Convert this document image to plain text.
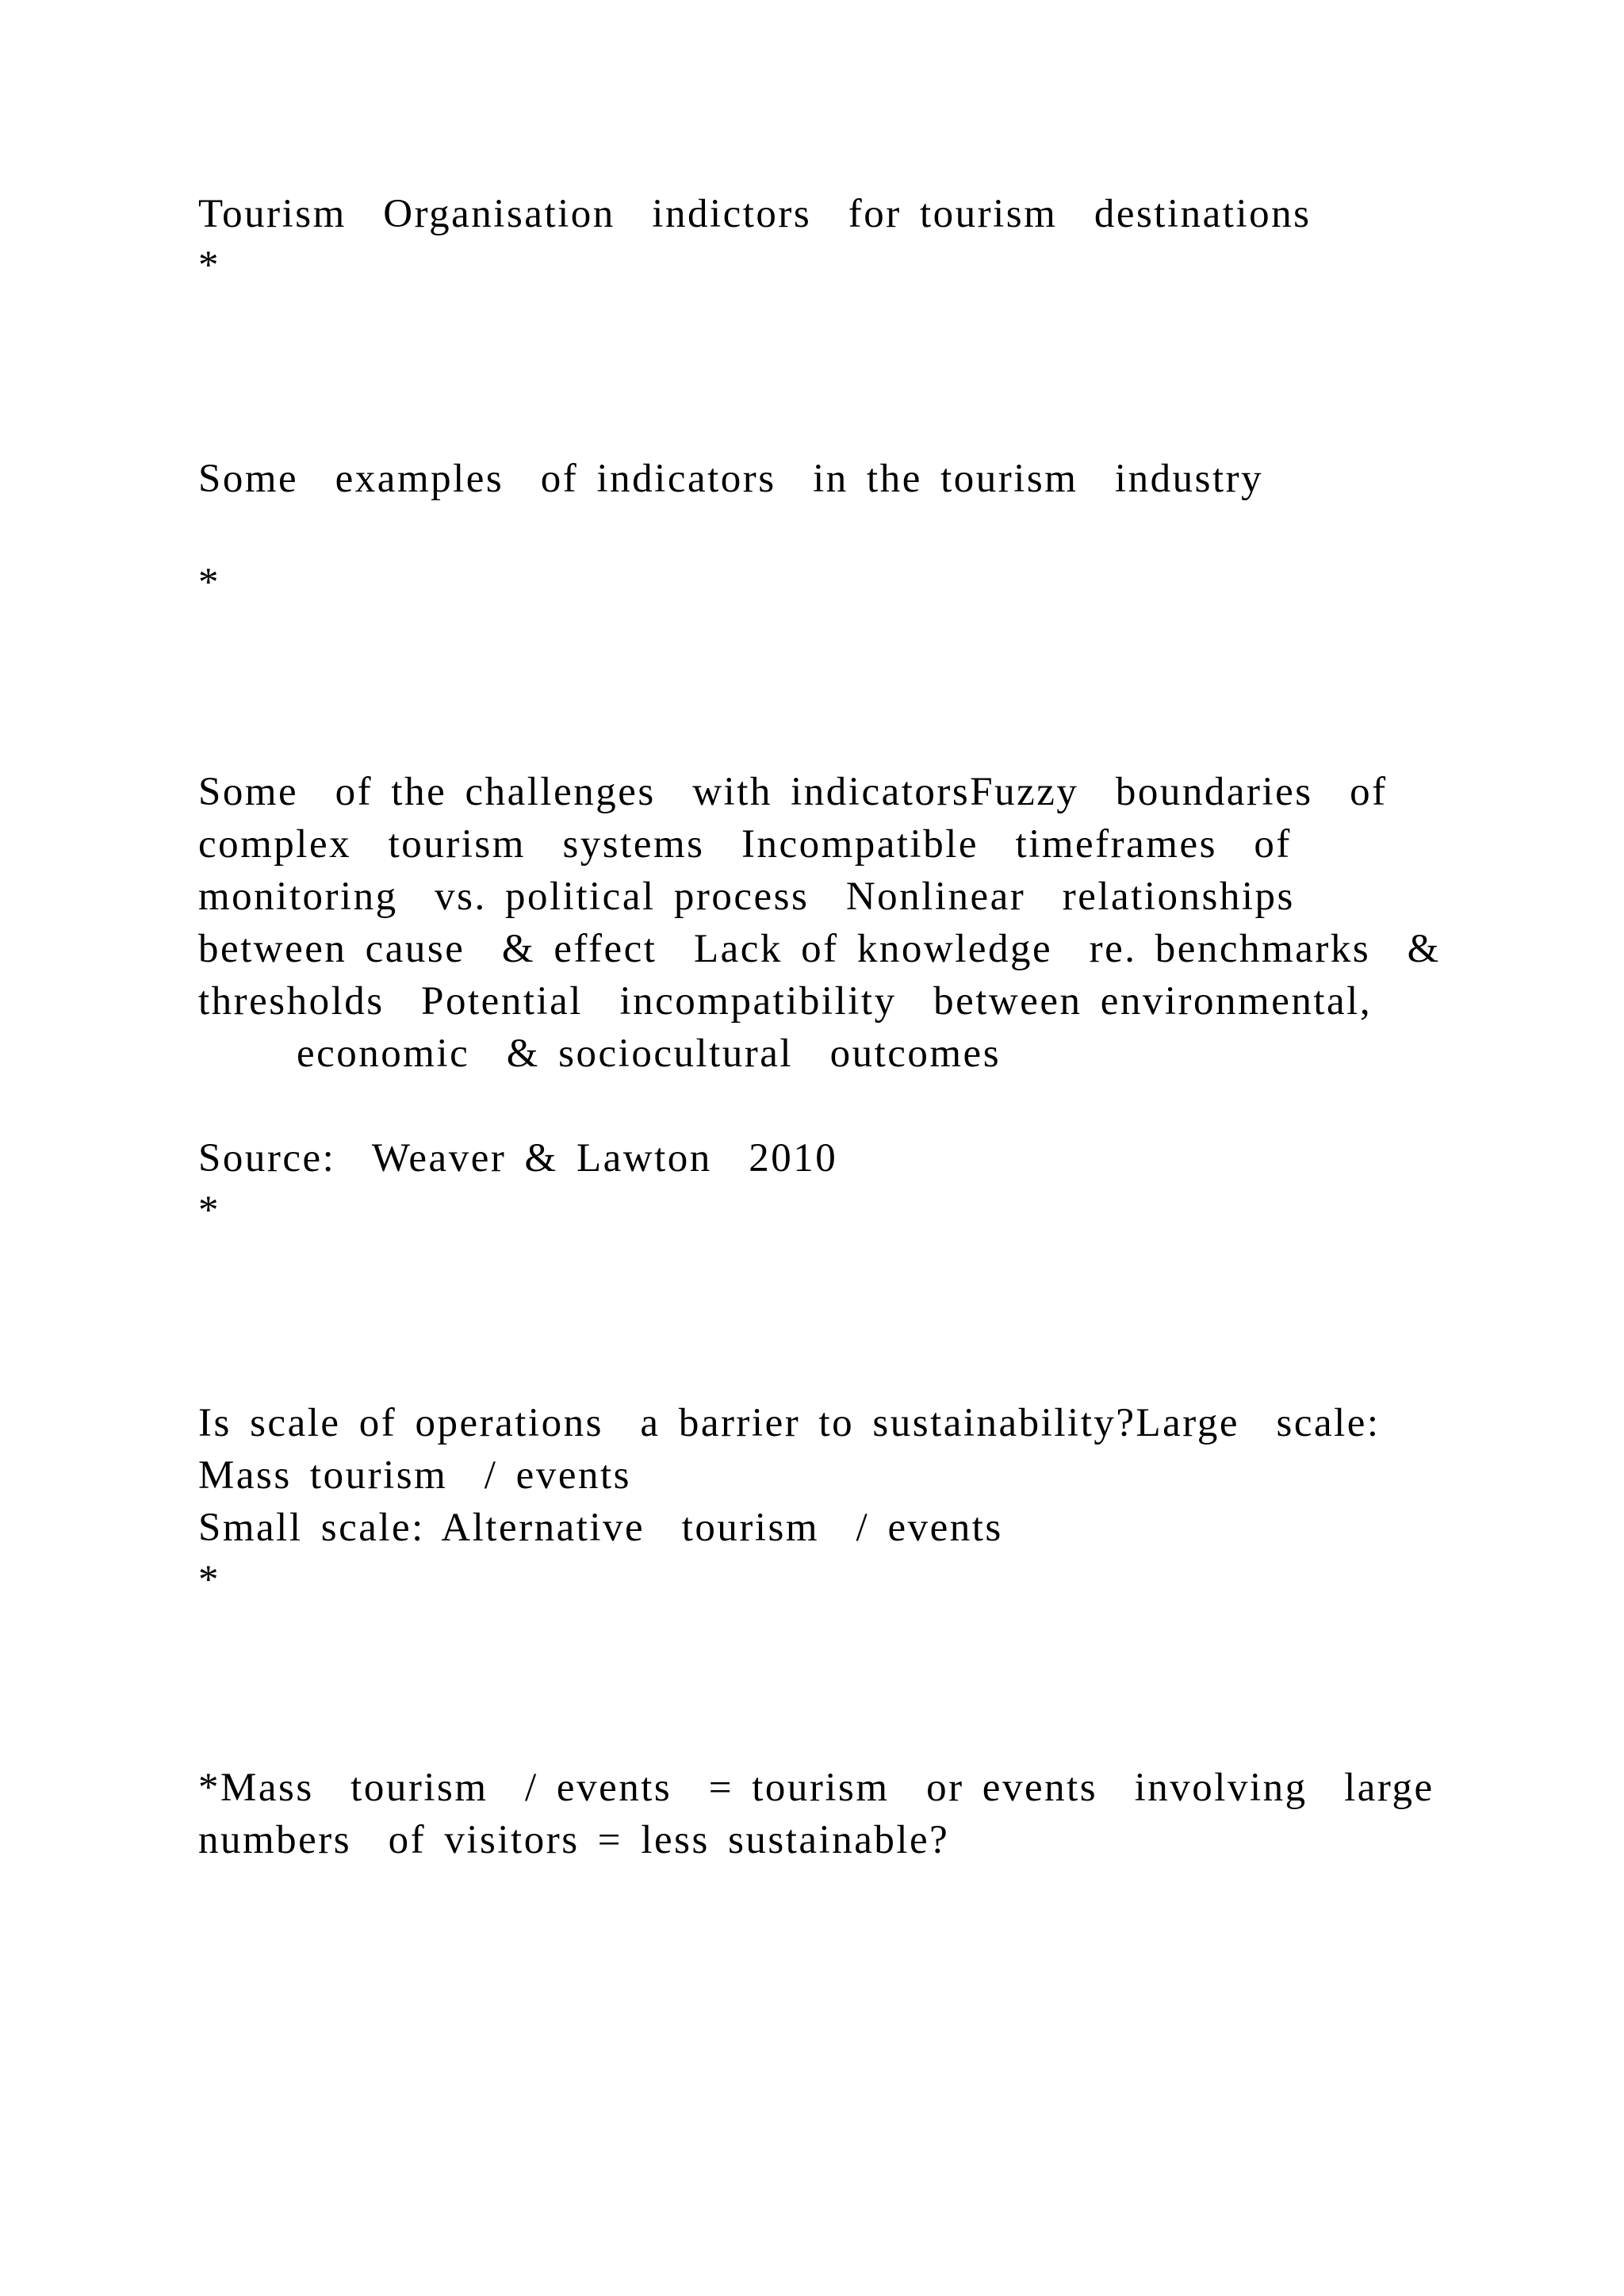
Tourism  Organisation  indictors  for tourism  destinations

*

Some  examples  of indicators  in the tourism  industry

*

Some  of the challenges  with indicatorsFuzzy  boundaries  of

complex  tourism  systems  Incompatible  timeframes  of

monitoring  vs. political process  Nonlinear  relationships

between cause  & effect  Lack of knowledge  re. benchmarks  &

thresholds  Potential  incompatibility  between environmental,

economic  & sociocultural  outcomes

Source:  Weaver & Lawton  2010

*

Is scale of operations  a barrier to sustainability?Large  scale:

Mass tourism  / events

Small scale: Alternative  tourism  / events

*

*Mass  tourism  / events  = tourism  or events  involving  large

numbers  of visitors = less sustainable?
